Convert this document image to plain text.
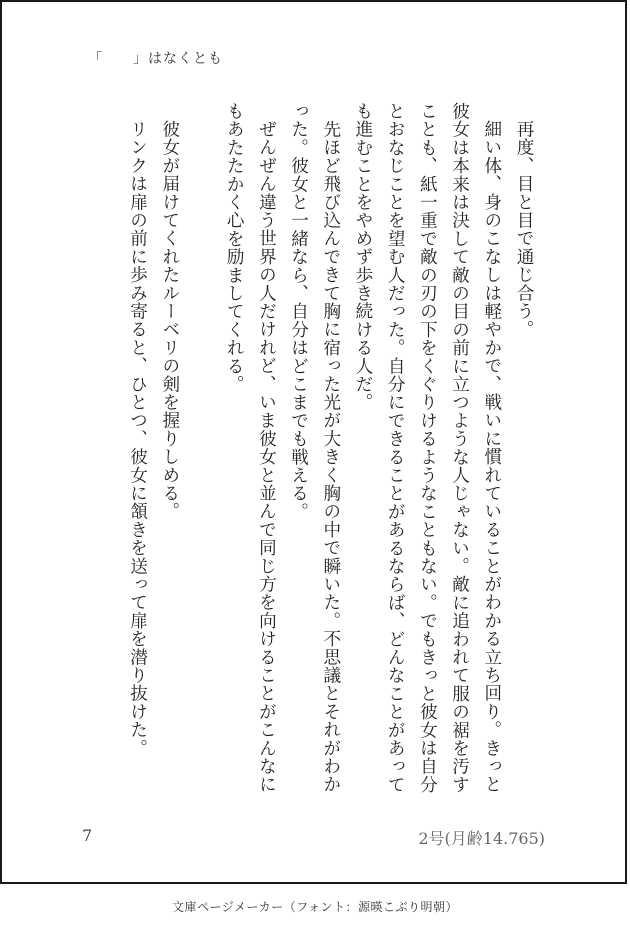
「　　」はなくとも

再度、目と目で通じ合う。

細い体、身のこなしは軽やかで、戦いに慣れていることがわかる立ち回り。きっと彼女は本来は決して敵の目の前に立つような人じゃない。敵に追われて服の裾を汚すことも、紙一重で敵の刃の下をくぐりけるようなこともない。でもきっと彼女は自分とおなじことを望む人だった。自分にできることがあるならば、どんなことがあっても進むことをやめず歩き続ける人だ。

先ほど飛び込んできて胸に宿った光が大きく胸の中で瞬いた。不思議とそれがわかった。彼女と一緒なら、自分はどこまでも戦える。

ぜんぜん違う世界の人だけれど、いま彼女と並んで同じ方を向けることがこんなにもあたたかく心を励ましてくれる。

彼女が届けてくれたルーベリの剣を握りしめる。

リンクは扉の前に歩み寄ると、ひとつ、彼女に頷きを送って扉を潜り抜けた。

7	2号(月齢14.765)
文庫ページメーカー（フォント：源暎こぶり明朝）
